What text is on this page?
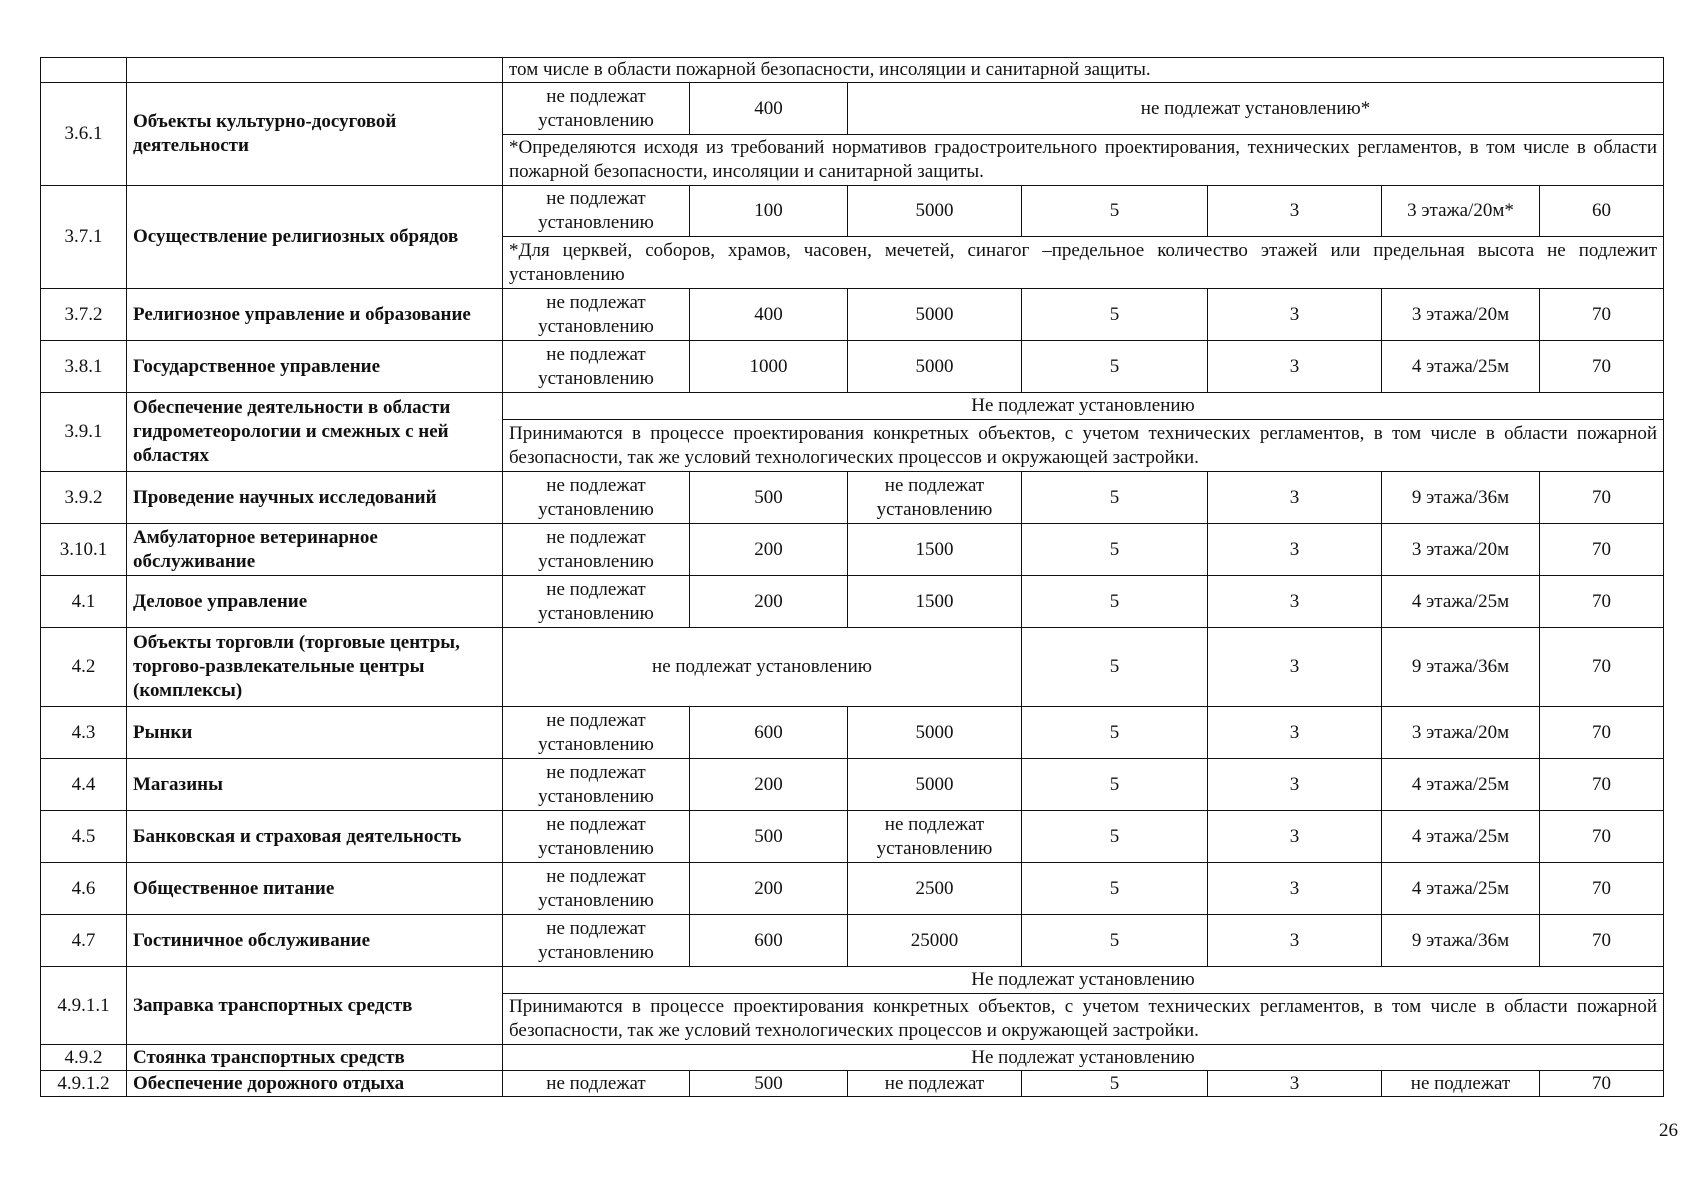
		том числе в области пожарной безопасности, инсоляции и санитарной защиты.						
3.6.1	Объекты культурно-досуговой деятельности	не подлежат установлению	400	не подлежат установлению*				
		*Определяются исходя из требований нормативов градостроительного проектирования, технических регламентов, в том числе в области пожарной безопасности, инсоляции и санитарной защиты.						
3.7.1	Осуществление религиозных обрядов	не подлежат установлению	100	5000	5	3	3 этажа/20м*	60
		*Для церквей, соборов, храмов, часовен, мечетей, синагог –предельное количество этажей или предельная высота не подлежит установлению						
3.7.2	Религиозное управление и образование	не подлежат установлению	400	5000	5	3	3 этажа/20м	70
3.8.1	Государственное управление	не подлежат установлению	1000	5000	5	3	4 этажа/25м	70
3.9.1	Обеспечение деятельности в области гидрометеорологии и смежных с ней областях	Не подлежат установлению						
		Принимаются в процессе проектирования конкретных объектов, с учетом технических регламентов, в том числе в области пожарной безопасности, так же условий технологических процессов и окружающей застройки.						
3.9.2	Проведение научных исследований	не подлежат установлению	500	не подлежат установлению	5	3	9 этажа/36м	70
3.10.1	Амбулаторное ветеринарное обслуживание	не подлежат установлению	200	1500	5	3	3 этажа/20м	70
4.1	Деловое управление	не подлежат установлению	200	1500	5	3	4 этажа/25м	70
4.2	Объекты торговли (торговые центры, торгово-развлекательные центры (комплексы)	не подлежат установлению			5	3	9 этажа/36м	70
4.3	Рынки	не подлежат установлению	600	5000	5	3	3 этажа/20м	70
4.4	Магазины	не подлежат установлению	200	5000	5	3	4 этажа/25м	70
4.5	Банковская и страховая деятельность	не подлежат установлению	500	не подлежат установлению	5	3	4 этажа/25м	70
4.6	Общественное питание	не подлежат установлению	200	2500	5	3	4 этажа/25м	70
4.7	Гостиничное обслуживание	не подлежат установлению	600	25000	5	3	9 этажа/36м	70
4.9.1.1	Заправка транспортных средств	Не подлежат установлению						
		Принимаются в процессе проектирования конкретных объектов, с учетом технических регламентов, в том числе в области пожарной безопасности, так же условий технологических процессов и окружающей застройки.						
4.9.2	Стоянка транспортных средств	Не подлежат установлению						
4.9.1.2	Обеспечение дорожного отдыха	не подлежат	500	не подлежат	5	3	не подлежат	70
26
